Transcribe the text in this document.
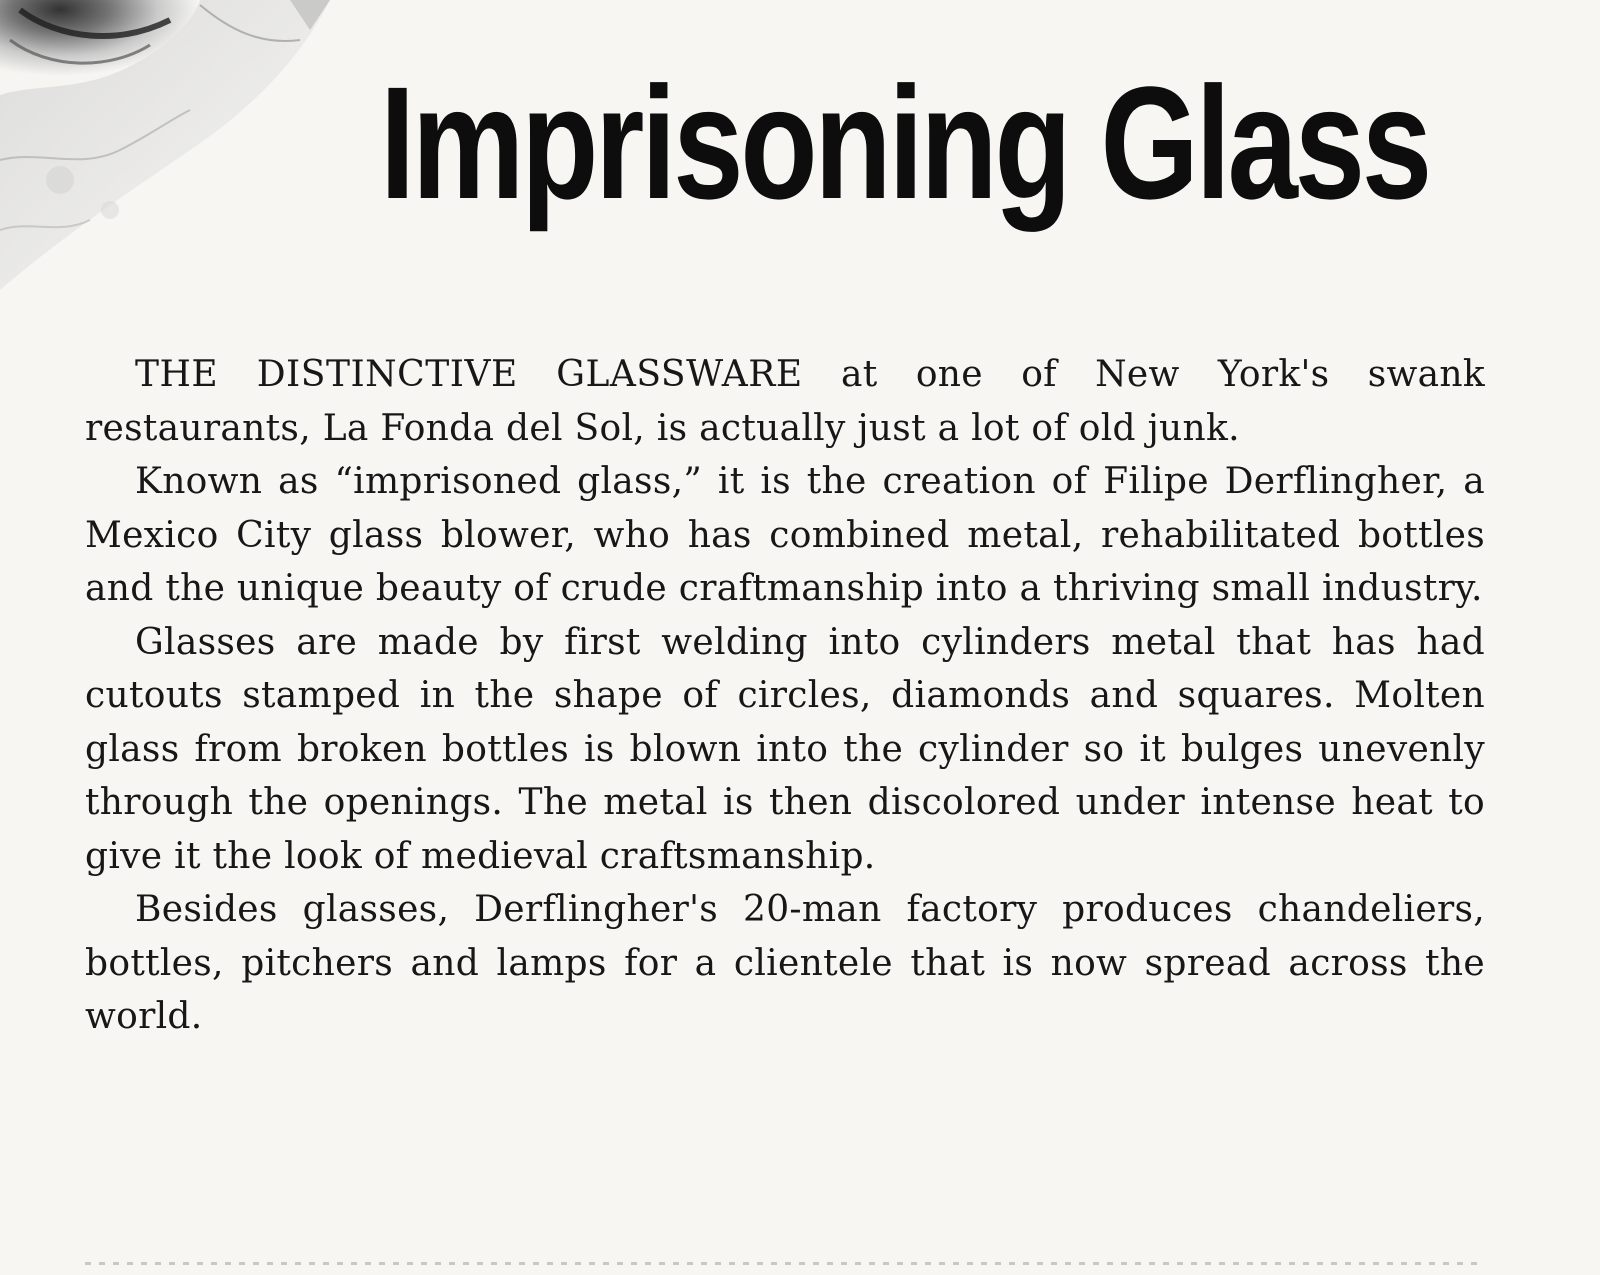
Imprisoning Glass

THE DISTINCTIVE GLASSWARE at one of New York's swank restaurants, La Fonda del Sol, is actually just a lot of old junk.

Known as “imprisoned glass,” it is the creation of Filipe Derflingher, a Mexico City glass blower, who has combined metal, rehabilitated bottles and the unique beauty of crude craftmanship into a thriving small industry.

Glasses are made by first welding into cylinders metal that has had cutouts stamped in the shape of circles, diamonds and squares. Molten glass from broken bottles is blown into the cylinder so it bulges unevenly through the openings. The metal is then discolored under intense heat to give it the look of medieval craftsmanship.

Besides glasses, Derflingher's 20-man factory produces chandeliers, bottles, pitchers and lamps for a clientele that is now spread across the world.
